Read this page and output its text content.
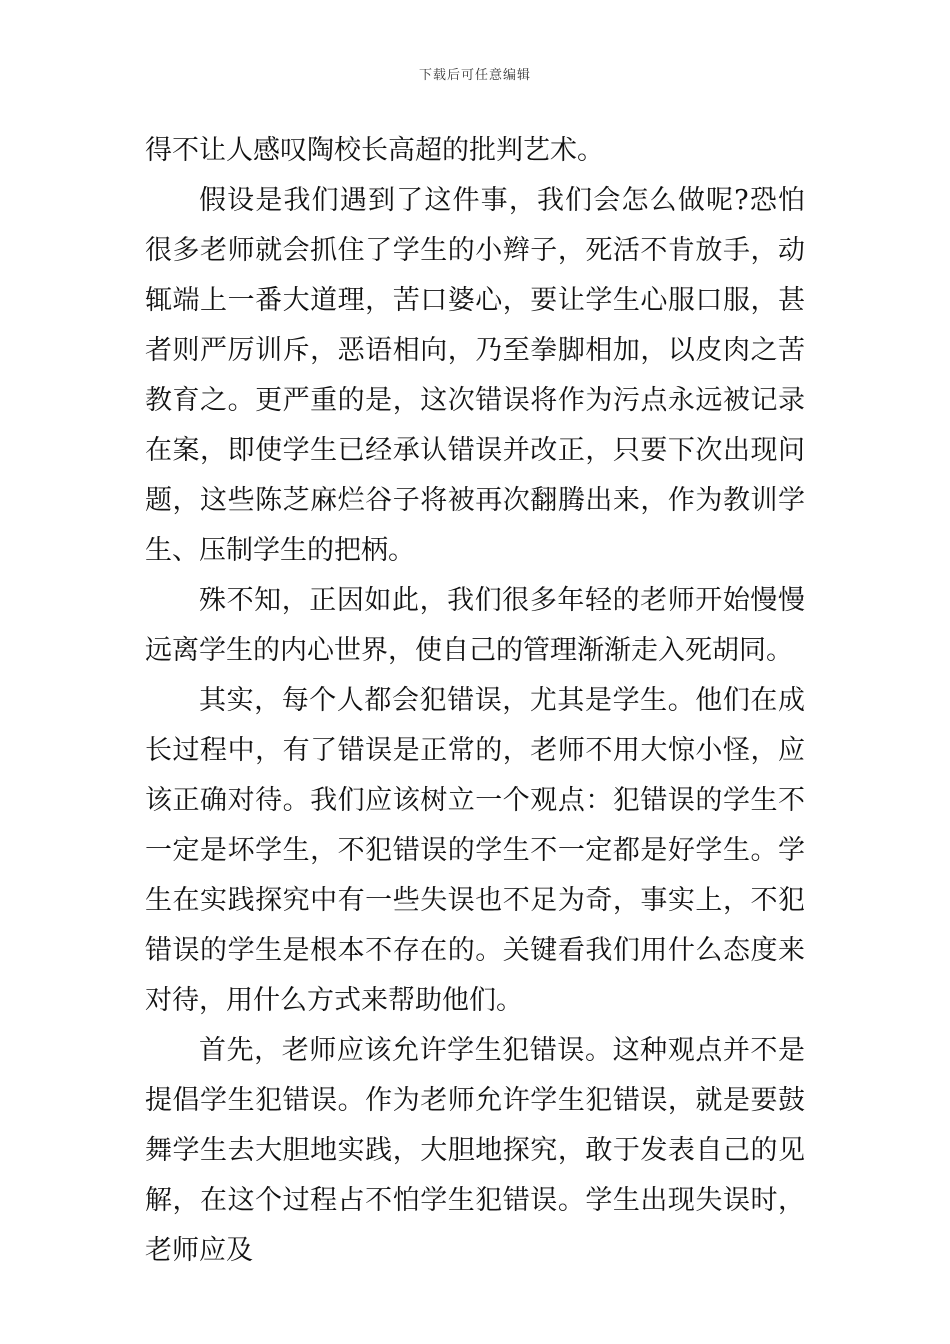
下载后可任意编辑

得不让人感叹陶校长高超的批判艺术。

假设是我们遇到了这件事，我们会怎么做呢?恐怕很多老师就会抓住了学生的小辫子，死活不肯放手，动辄端上一番大道理，苦口婆心，要让学生心服口服，甚者则严厉训斥，恶语相向，乃至拳脚相加，以皮肉之苦教育之。更严重的是，这次错误将作为污点永远被记录在案，即使学生已经承认错误并改正，只要下次出现问题，这些陈芝麻烂谷子将被再次翻腾出来，作为教训学生、压制学生的把柄。

殊不知，正因如此，我们很多年轻的老师开始慢慢远离学生的内心世界，使自己的管理渐渐走入死胡同。

其实，每个人都会犯错误，尤其是学生。他们在成长过程中，有了错误是正常的，老师不用大惊小怪，应该正确对待。我们应该树立一个观点：犯错误的学生不一定是坏学生，不犯错误的学生不一定都是好学生。学生在实践探究中有一些失误也不足为奇，事实上，不犯错误的学生是根本不存在的。关键看我们用什么态度来对待，用什么方式来帮助他们。

首先，老师应该允许学生犯错误。这种观点并不是提倡学生犯错误。作为老师允许学生犯错误，就是要鼓舞学生去大胆地实践，大胆地探究，敢于发表自己的见解，在这个过程占不怕学生犯错误。学生出现失误时，老师应及
